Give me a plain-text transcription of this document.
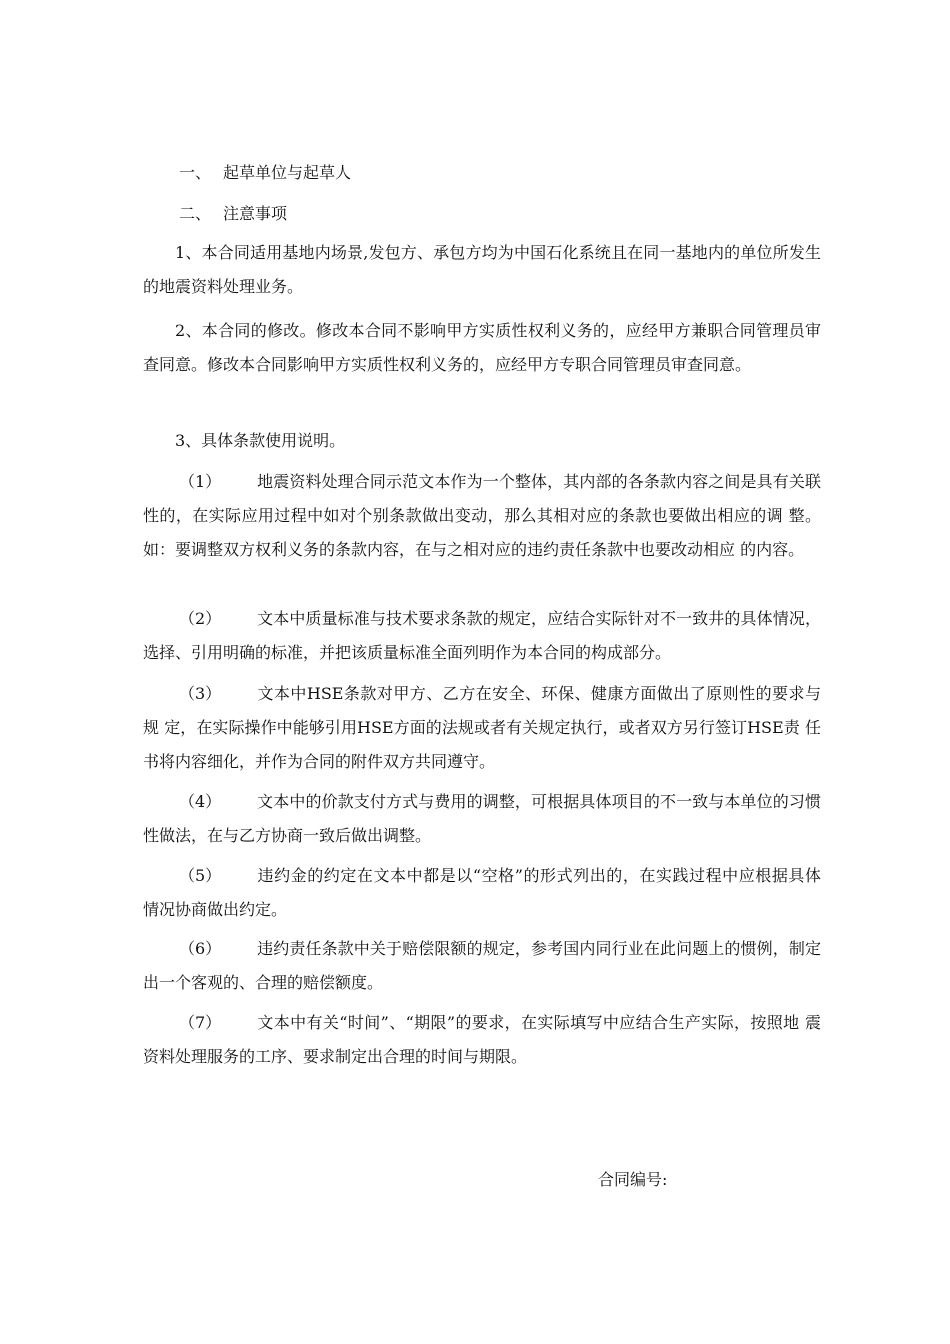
一、 起草单位与起草人
二、 注意事项

1、本合同适用基地内场景,发包方、承包方均为中国石化系统且在同一基地内的单位所发生的地震资料处理业务。

2、本合同的修改。修改本合同不影响甲方实质性权利义务的，应经甲方兼职合同管理员审查同意。修改本合同影响甲方实质性权利义务的，应经甲方专职合同管理员审查同意。

3、具体条款使用说明。

（1） 地震资料处理合同示范文本作为一个整体，其内部的各条款内容之间是具有关联 性的，在实际应用过程中如对个别条款做出变动，那么其相对应的条款也要做出相应的调 整。如：要调整双方权利义务的条款内容，在与之相对应的违约责任条款中也要改动相应 的内容。

（2） 文本中质量标准与技术要求条款的规定，应结合实际针对不一致井的具体情况， 选择、引用明确的标准，并把该质量标准全面列明作为本合同的构成部分。

（3） 文本中HSE条款对甲方、乙方在安全、环保、健康方面做出了原则性的要求与规 定，在实际操作中能够引用HSE方面的法规或者有关规定执行，或者双方另行签订HSE责 任书将内容细化，并作为合同的附件双方共同遵守。

（4） 文本中的价款支付方式与费用的调整，可根据具体项目的不一致与本单位的习惯 性做法，在与乙方协商一致后做出调整。

（5） 违约金的约定在文本中都是以“空格”的形式列出的，在实践过程中应根据具体 情况协商做出约定。

（6） 违约责任条款中关于赔偿限额的规定，参考国内同行业在此问题上的惯例，制定 出一个客观的、合理的赔偿额度。

（7） 文本中有关“时间”、“期限”的要求，在实际填写中应结合生产实际，按照地 震资料处理服务的工序、要求制定出合理的时间与期限。

合同编号:
